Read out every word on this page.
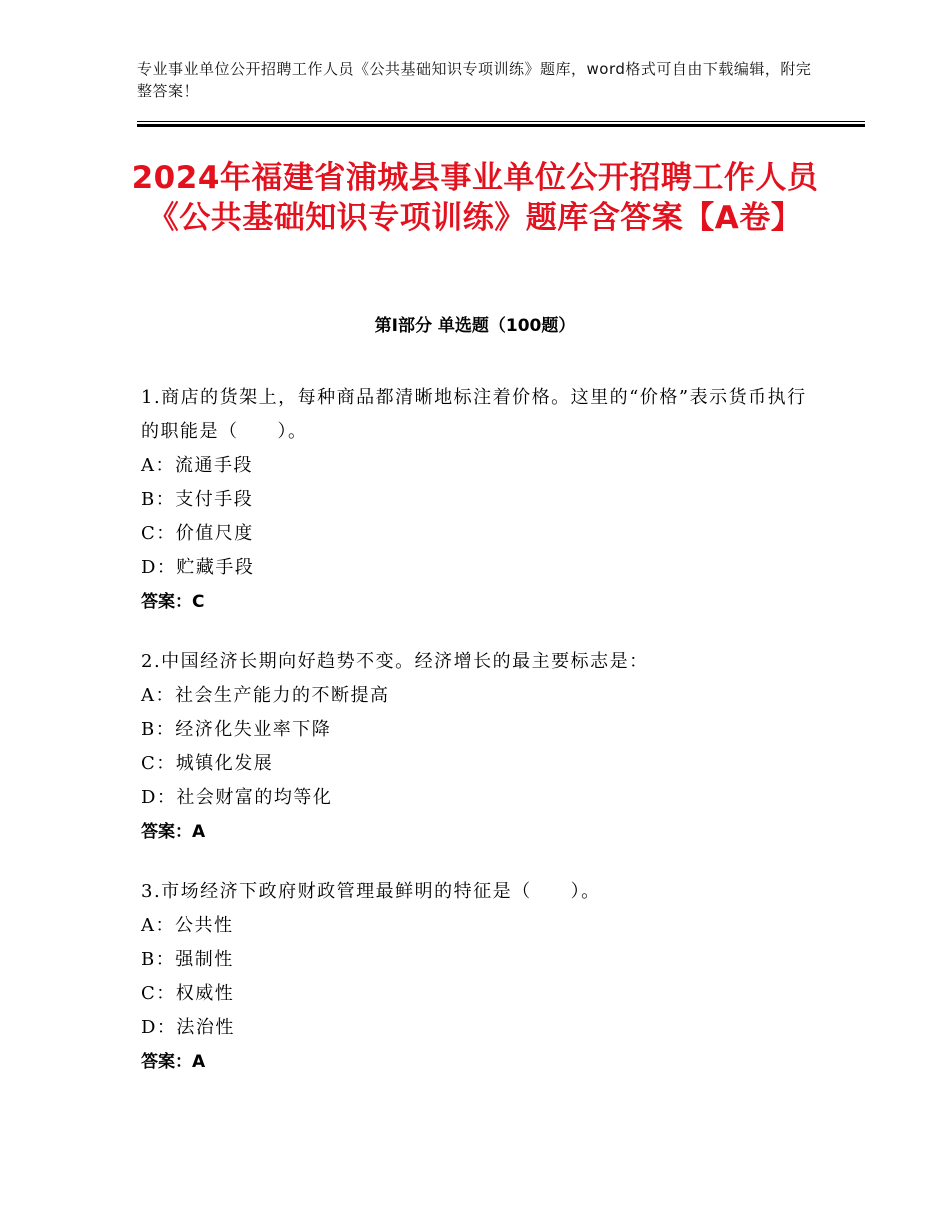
专业事业单位公开招聘工作人员《公共基础知识专项训练》题库，word格式可自由下载编辑，附完整答案！
2024年福建省浦城县事业单位公开招聘工作人员《公共基础知识专项训练》题库含答案【A卷】
第Ⅰ部分 单选题（100题）

1.商店的货架上，每种商品都清晰地标注着价格。这里的“价格”表示货币执行的职能是（　　）。

A：流通手段

B：支付手段

C：价值尺度

D：贮藏手段

答案：C

2.中国经济长期向好趋势不变。经济增长的最主要标志是：

A：社会生产能力的不断提高

B：经济化失业率下降

C：城镇化发展

D：社会财富的均等化

答案：A

3.市场经济下政府财政管理最鲜明的特征是（　　）。

A：公共性

B：强制性

C：权威性

D：法治性

答案：A
